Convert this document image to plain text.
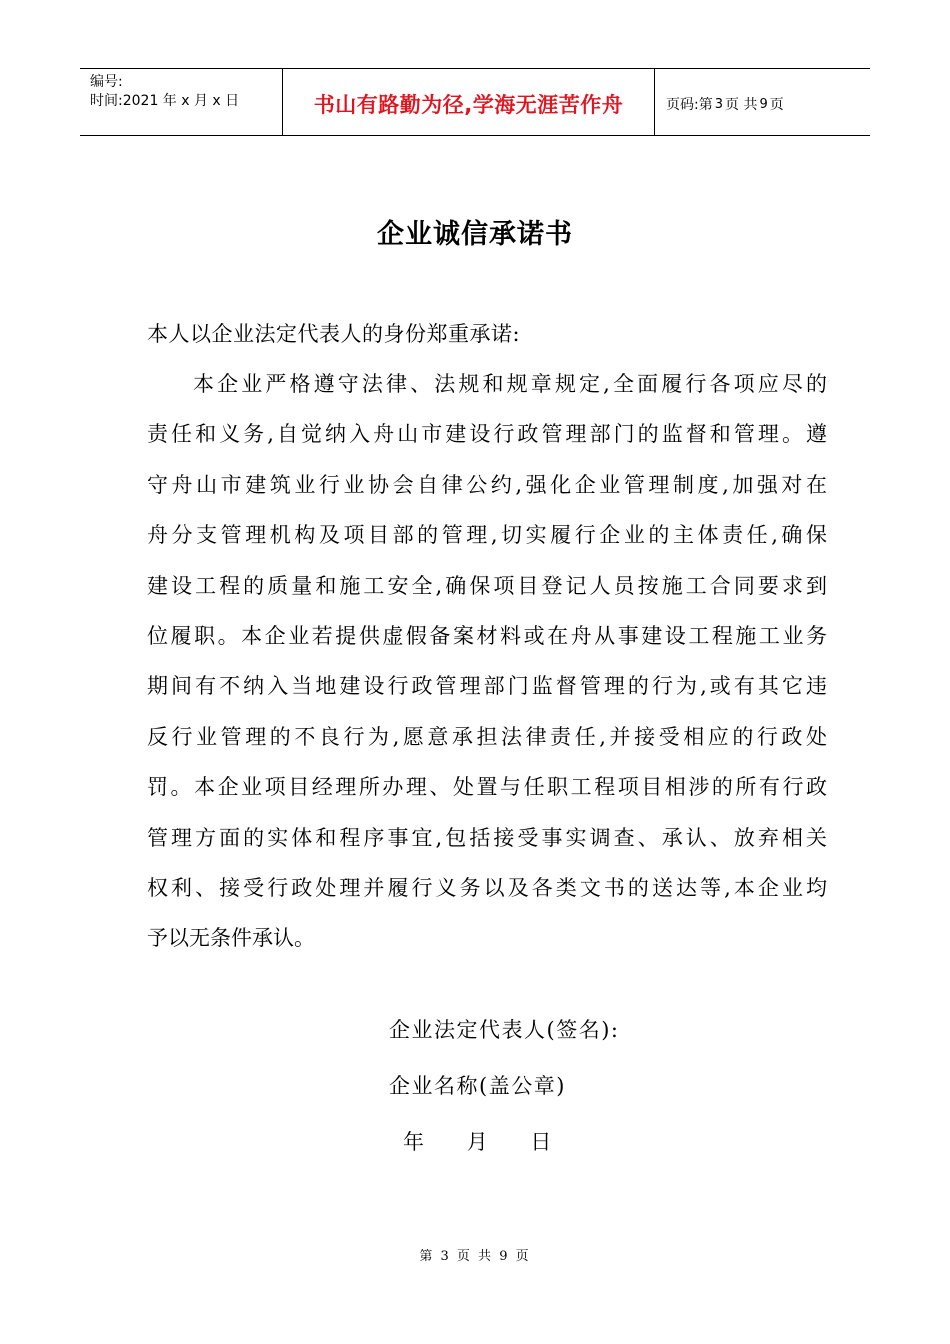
编号:
时间:2021 年 x 月 x 日	书山有路勤为径,学海无涯苦作舟	页码:第 3 页 共 9 页
企业诚信承诺书
本人以企业法定代表人的身份郑重承诺:
本企业严格遵守法律、法规和规章规定,全面履行各项应尽的
责任和义务,自觉纳入舟山市建设行政管理部门的监督和管理。遵
守舟山市建筑业行业协会自律公约,强化企业管理制度,加强对在
舟分支管理机构及项目部的管理,切实履行企业的主体责任,确保
建设工程的质量和施工安全,确保项目登记人员按施工合同要求到
位履职。本企业若提供虚假备案材料或在舟从事建设工程施工业务
期间有不纳入当地建设行政管理部门监督管理的行为,或有其它违
反行业管理的不良行为,愿意承担法律责任,并接受相应的行政处
罚。本企业项目经理所办理、处置与任职工程项目相涉的所有行政
管理方面的实体和程序事宜,包括接受事实调查、承认、放弃相关
权利、接受行政处理并履行义务以及各类文书的送达等,本企业均
予以无条件承认。
企业法定代表人(签名):
企业名称(盖公章)
年 月 日
第 3 页 共 9 页
